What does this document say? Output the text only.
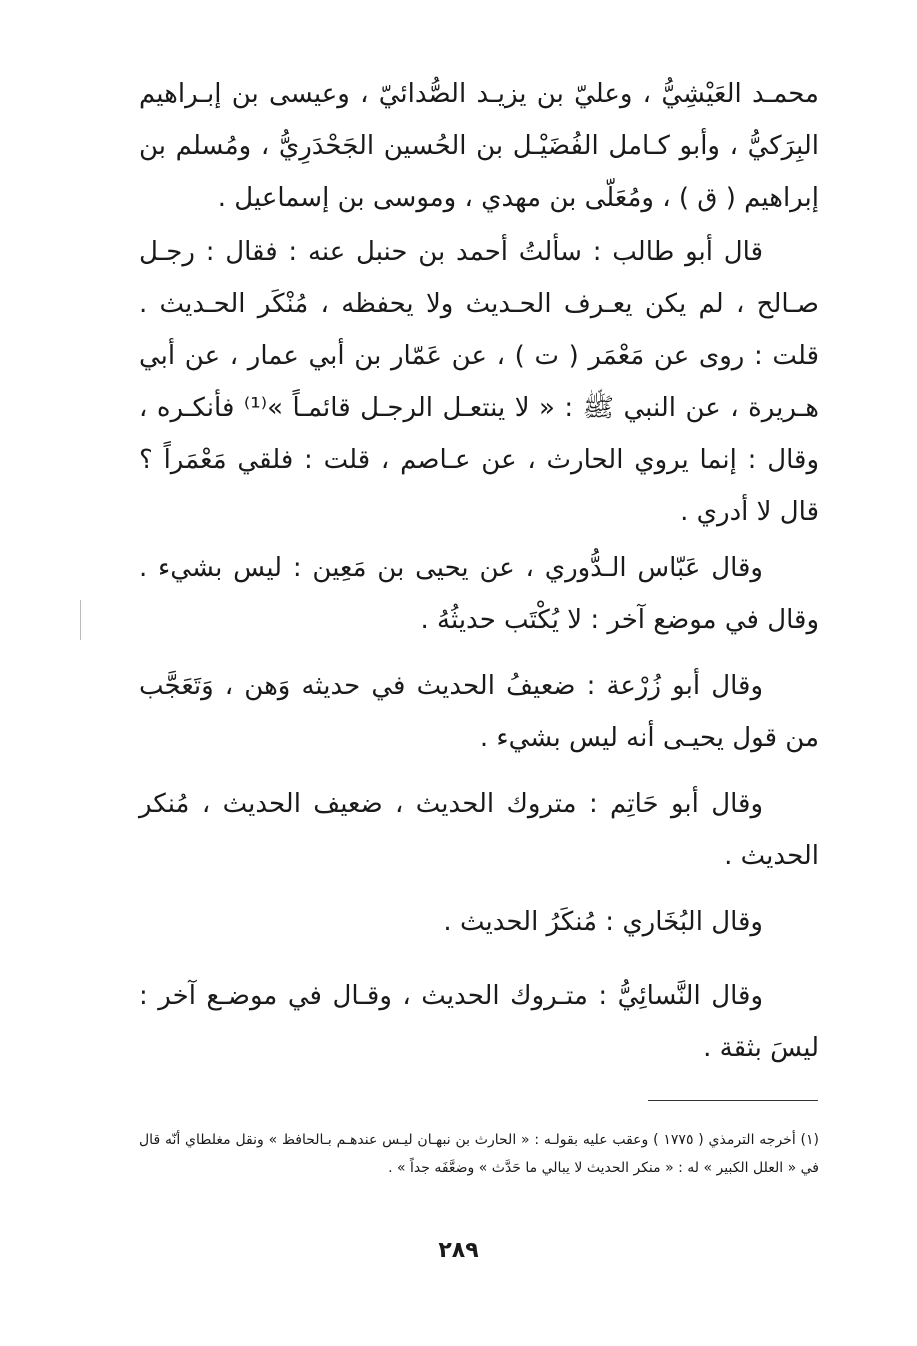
محمـد العَيْشِيُّ ، وعليّ بن يزيـد الصُّدائيّ ، وعيسى بن إبـراهيم البِرَكيُّ ، وأبو كـامل الفُضَيْـل بن الحُسين الجَحْدَرِيُّ ، ومُسلم بن إبراهيم ( ق ) ، ومُعَلّى بن مهدي ، وموسى بن إسماعيل .

قال أبو طالب : سألتُ أحمد بن حنبل عنه : فقال : رجـل صـالح ، لم يكن يعـرف الحـديث ولا يحفظه ، مُنْكَر الحـديث . قلت : روى عن مَعْمَر ( ت ) ، عن عَمّار بن أبي عمار ، عن أبي هـريرة ، عن النبي ﷺ : « لا ينتعـل الرجـل قائمـاً »⁽¹⁾ فأنكـره ، وقال : إنما يروي الحارث ، عن عـاصم ، قلت : فلقي مَعْمَراً ؟ قال لا أدري .

وقال عَبّاس الـدُّوري ، عن يحيى بن مَعِين : ليس بشيء . وقال في موضع آخر : لا يُكْتَب حديثُهُ .

وقال أبو زُرْعة : ضعيفُ الحديث في حديثه وَهن ، وَتَعَجَّب من قول يحيـى أنه ليس بشيء .

وقال أبو حَاتِم : متروك الحديث ، ضعيف الحديث ، مُنكر الحديث .

وقال البُخَاري : مُنكَرُ الحديث .

وقال النَّسائِيُّ : متـروك الحديث ، وقـال في موضـع آخر : ليسَ بثقة .

(١) أخرجه الترمذي ( ١٧٧٥ ) وعقب عليه بقولـه : « الحارث بن نبهـان ليـس عندهـم بـالحافظ » ونقل مغلطاي أنّه قال في « العلل الكبير » له : « منكر الحديث لا يبالي ما حَدَّث » وضعَّفَه جداً » .

٢٨٩
